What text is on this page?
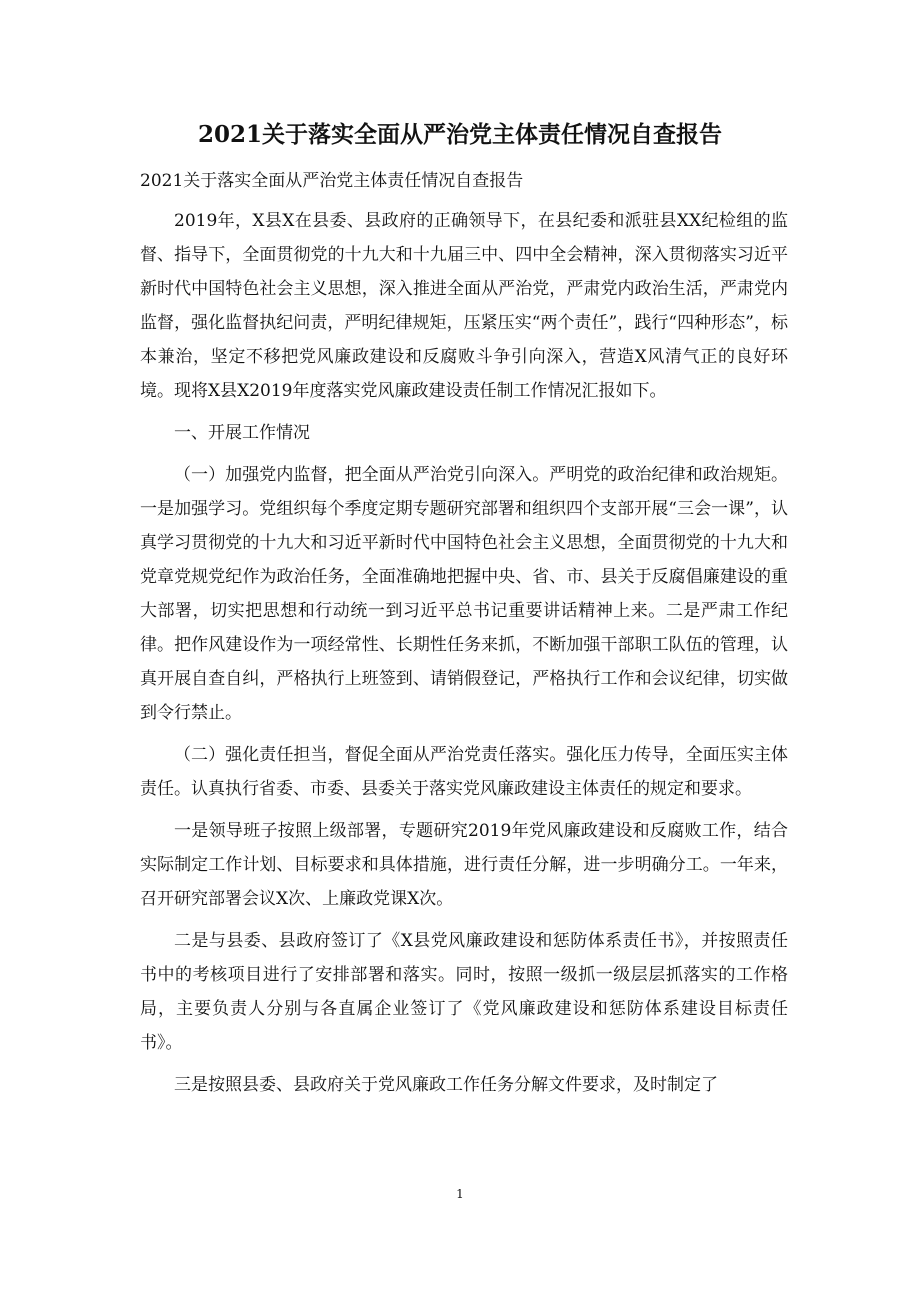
2021关于落实全面从严治党主体责任情况自查报告

2021关于落实全面从严治党主体责任情况自查报告

2019年，X县X在县委、县政府的正确领导下，在县纪委和派驻县XX纪检组的监督、指导下，全面贯彻党的十九大和十九届三中、四中全会精神，深入贯彻落实习近平新时代中国特色社会主义思想，深入推进全面从严治党，严肃党内政治生活，严肃党内监督，强化监督执纪问责，严明纪律规矩，压紧压实“两个责任”，践行“四种形态”，标本兼治，坚定不移把党风廉政建设和反腐败斗争引向深入，营造X风清气正的良好环境。现将X县X2019年度落实党风廉政建设责任制工作情况汇报如下。

一、开展工作情况

（一）加强党内监督，把全面从严治党引向深入。严明党的政治纪律和政治规矩。一是加强学习。党组织每个季度定期专题研究部署和组织四个支部开展“三会一课”，认真学习贯彻党的十九大和习近平新时代中国特色社会主义思想，全面贯彻党的十九大和党章党规党纪作为政治任务，全面准确地把握中央、省、市、县关于反腐倡廉建设的重大部署，切实把思想和行动统一到习近平总书记重要讲话精神上来。二是严肃工作纪律。把作风建设作为一项经常性、长期性任务来抓，不断加强干部职工队伍的管理，认真开展自查自纠，严格执行上班签到、请销假登记，严格执行工作和会议纪律，切实做到令行禁止。

（二）强化责任担当，督促全面从严治党责任落实。强化压力传导，全面压实主体责任。认真执行省委、市委、县委关于落实党风廉政建设主体责任的规定和要求。

一是领导班子按照上级部署，专题研究2019年党风廉政建设和反腐败工作，结合实际制定工作计划、目标要求和具体措施，进行责任分解，进一步明确分工。一年来，召开研究部署会议X次、上廉政党课X次。

二是与县委、县政府签订了《X县党风廉政建设和惩防体系责任书》，并按照责任书中的考核项目进行了安排部署和落实。同时，按照一级抓一级层层抓落实的工作格局，主要负责人分别与各直属企业签订了《党风廉政建设和惩防体系建设目标责任书》。

三是按照县委、县政府关于党风廉政工作任务分解文件要求，及时制定了

1
